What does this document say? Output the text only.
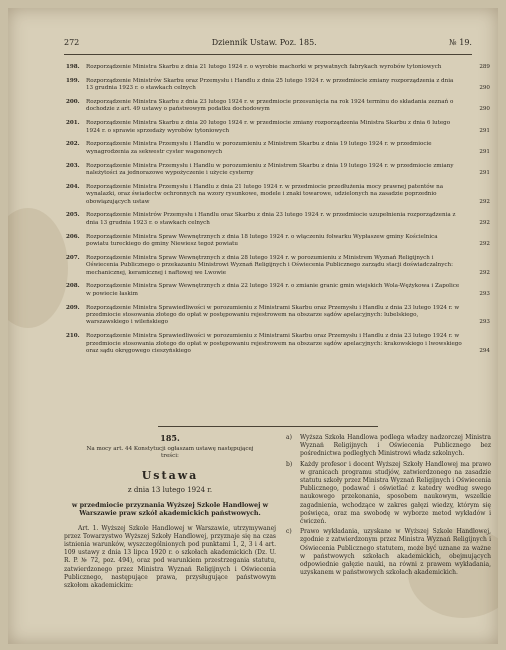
272	Dziennik Ustaw. Poz. 185.	№ 19.
198.	Rozporządzenie Ministra Skarbu z dnia 21 lutego 1924 r. o wyrobie machorki w prywatnych fabrykach wyrobów tytoniowych	289
199.	Rozporządzenie Ministrów Skarbu oraz Przemysłu i Handlu z dnia 25 lutego 1924 r. w przedmiocie zmiany rozporządzenia z dnia 13 grudnia 1923 r. o stawkach celnych	290
200.	Rozporządzenie Ministra Skarbu z dnia 23 lutego 1924 r. w przedmiocie przesunięcia na rok 1924 terminu do składania zeznań o dochodzie z art. 49 ustawy o państwowym podatku dochodowym	290
201.	Rozporządzenie Ministra Skarbu z dnia 20 lutego 1924 r. w przedmiocie zmiany rozporządzenia Ministra Skarbu z dnia 6 lutego 1924 r. o sprawie sprzedaży wyrobów tytoniowych	291
202.	Rozporządzenie Ministra Przemysłu i Handlu w porozumieniu z Ministrem Skarbu z dnia 19 lutego 1924 r. w przedmiocie wynagrodzenia za sekwestr cyster wagonowych	291
203.	Rozporządzenie Ministra Przemysłu i Handlu w porozumieniu z Ministrem Skarbu z dnia 19 lutego 1924 r. w przedmiocie zmiany należytości za jednorazowe wypożyczenie i użycie cysterny	291
204.	Rozporządzenie Ministra Przemysłu i Handlu z dnia 21 lutego 1924 r. w przedmiocie przedłużenia mocy prawnej patentów na wynalazki, oraz świadectw ochronnych na wzory rysunkowe, modele i znaki towarowe, udzielonych na zasadzie poprzednio obowiązujących ustaw	292
205.	Rozporządzenie Ministrów Przemysłu i Handlu oraz Skarbu z dnia 23 lutego 1924 r. w przedmiocie uzupełnienia rozporządzenia z dnia 13 grudnia 1923 r. o stawkach celnych	292
206.	Rozporządzenie Ministra Spraw Wewnętrznych z dnia 18 lutego 1924 r. o włączeniu folwarku Wypłaszew gminy Kościelnica powiatu tureckiego do gminy Niewiesz tegoż powiatu	292
207.	Rozporządzenie Ministra Spraw Wewnętrznych z dnia 28 lutego 1924 r. w porozumieniu z Ministrem Wyznań Religijnych i Oświecenia Publicznego o przekazaniu Ministrowi Wyznań Religijnych i Oświecenia Publicznego zarządu stacji doświadczalnych: mechanicznej, keramicznej i naftowej we Lwowie	292
208.	Rozporządzenie Ministra Spraw Wewnętrznych z dnia 22 lutego 1924 r. o zmianie granic gmin wiejskich Wola-Wężykowa i Zapolice w powiecie łaskim	293
209.	Rozporządzenie Ministra Sprawiedliwości w porozumieniu z Ministrami Skarbu oraz Przemysłu i Handlu z dnia 23 lutego 1924 r. w przedmiocie stosowania złotego do opłat w postępowaniu rejestrowem na obszarze sądów apelacyjnych: lubelskiego, warszawskiego i wileńskiego	293
210.	Rozporządzenie Ministra Sprawiedliwości w porozumieniu z Ministrami Skarbu oraz Przemysłu i Handlu z dnia 23 lutego 1924 r. w przedmiocie stosowania złotego do opłat w postępowaniu rejestrowem na obszarze sądów apelacyjnych: krakowskiego i lwowskiego oraz sądu okręgowego cieszyńskiego	294
185.
Na mocy art. 44 Konstytucji ogłaszam ustawę następującej treści:
Ustawa
z dnia 13 lutego 1924 r.
w przedmiocie przyznania Wyższej Szkole Handlowej w Warszawie praw szkół akademickich państwowych.
Art. 1. Wyższej Szkole Handlowej w Warszawie, utrzymywanej przez Towarzystwo Wyższej Szkoły Handlowej, przyznaje się na czas istnienia warunków, wyszczególnionych pod punktami 1, 2, 3 i 4 art. 109 ustawy z dnia 13 lipca 1920 r. o szkołach akademickich (Dz. U. R. P. № 72, poz. 494), oraz pod warunkiem przestrzegania statutu, zatwierdzonego przez Ministra Wyznań Religijnych i Oświecenia Publicznego, następujące prawa, przysługujące państwowym szkołom akademickim:
a)	Wyższa Szkoła Handlowa podlega władzy nadzorczej Ministra Wyznań Religijnych i Oświecenia Publicznego bez pośrednictwa podległych Ministrowi władz szkolnych.
b)	Każdy profesor i docent Wyższej Szkoły Handlowej ma prawo w granicach programu studjów, zatwierdzonego na zasadzie statutu szkoły przez Ministra Wyznań Religijnych i Oświecenia Publicznego, podawać i oświetlać z katedry według swego naukowego przekonania, sposobem naukowym, wszelkie zagadnienia, wchodzące w zakres gałęzi wiedzy, którym się poświęca, oraz ma swobodę w wyborze metod wykładów i ćwiczeń.
c)	Prawo wykładania, uzyskane w Wyższej Szkole Handlowej, zgodnie z zatwierdzonym przez Ministra Wyznań Religijnych i Oświecenia Publicznego statutem, może być uznane za ważne w państwowych szkołach akademickich, obejmujących odpowiednie gałęzie nauki, na równi z prawem wykładania, uzyskanem w państwowych szkołach akademickich.
